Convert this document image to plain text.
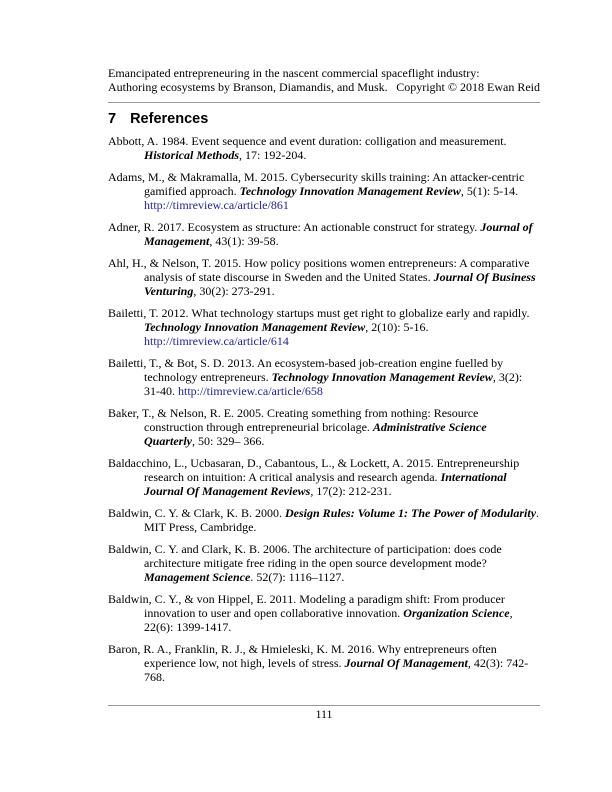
Emancipated entrepreneuring in the nascent commercial spaceflight industry:
Authoring ecosystems by Branson, Diamandis, and Musk. Copyright © 2018 Ewan Reid
7 References

Abbott, A. 1984. Event sequence and event duration: colligation and measurement. Historical Methods, 17: 192-204.

Adams, M., & Makramalla, M. 2015. Cybersecurity skills training: An attacker-centric gamified approach. Technology Innovation Management Review, 5(1): 5-14. http://timreview.ca/article/861

Adner, R. 2017. Ecosystem as structure: An actionable construct for strategy. Journal of Management, 43(1): 39-58.

Ahl, H., & Nelson, T. 2015. How policy positions women entrepreneurs: A comparative analysis of state discourse in Sweden and the United States. Journal Of Business Venturing, 30(2): 273-291.

Bailetti, T. 2012. What technology startups must get right to globalize early and rapidly. Technology Innovation Management Review, 2(10): 5-16. http://timreview.ca/article/614

Bailetti, T., & Bot, S. D. 2013. An ecosystem-based job-creation engine fuelled by technology entrepreneurs. Technology Innovation Management Review, 3(2): 31-40. http://timreview.ca/article/658

Baker, T., & Nelson, R. E. 2005. Creating something from nothing: Resource construction through entrepreneurial bricolage. Administrative Science Quarterly, 50: 329– 366.

Baldacchino, L., Ucbasaran, D., Cabantous, L., & Lockett, A. 2015. Entrepreneurship research on intuition: A critical analysis and research agenda. International Journal Of Management Reviews, 17(2): 212-231.

Baldwin, C. Y. & Clark, K. B. 2000. Design Rules: Volume 1: The Power of Modularity. MIT Press, Cambridge.

Baldwin, C. Y. and Clark, K. B. 2006. The architecture of participation: does code architecture mitigate free riding in the open source development mode? Management Science. 52(7): 1116–1127.

Baldwin, C. Y., & von Hippel, E. 2011. Modeling a paradigm shift: From producer innovation to user and open collaborative innovation. Organization Science, 22(6): 1399-1417.

Baron, R. A., Franklin, R. J., & Hmieleski, K. M. 2016. Why entrepreneurs often experience low, not high, levels of stress. Journal Of Management, 42(3): 742-768.

111
